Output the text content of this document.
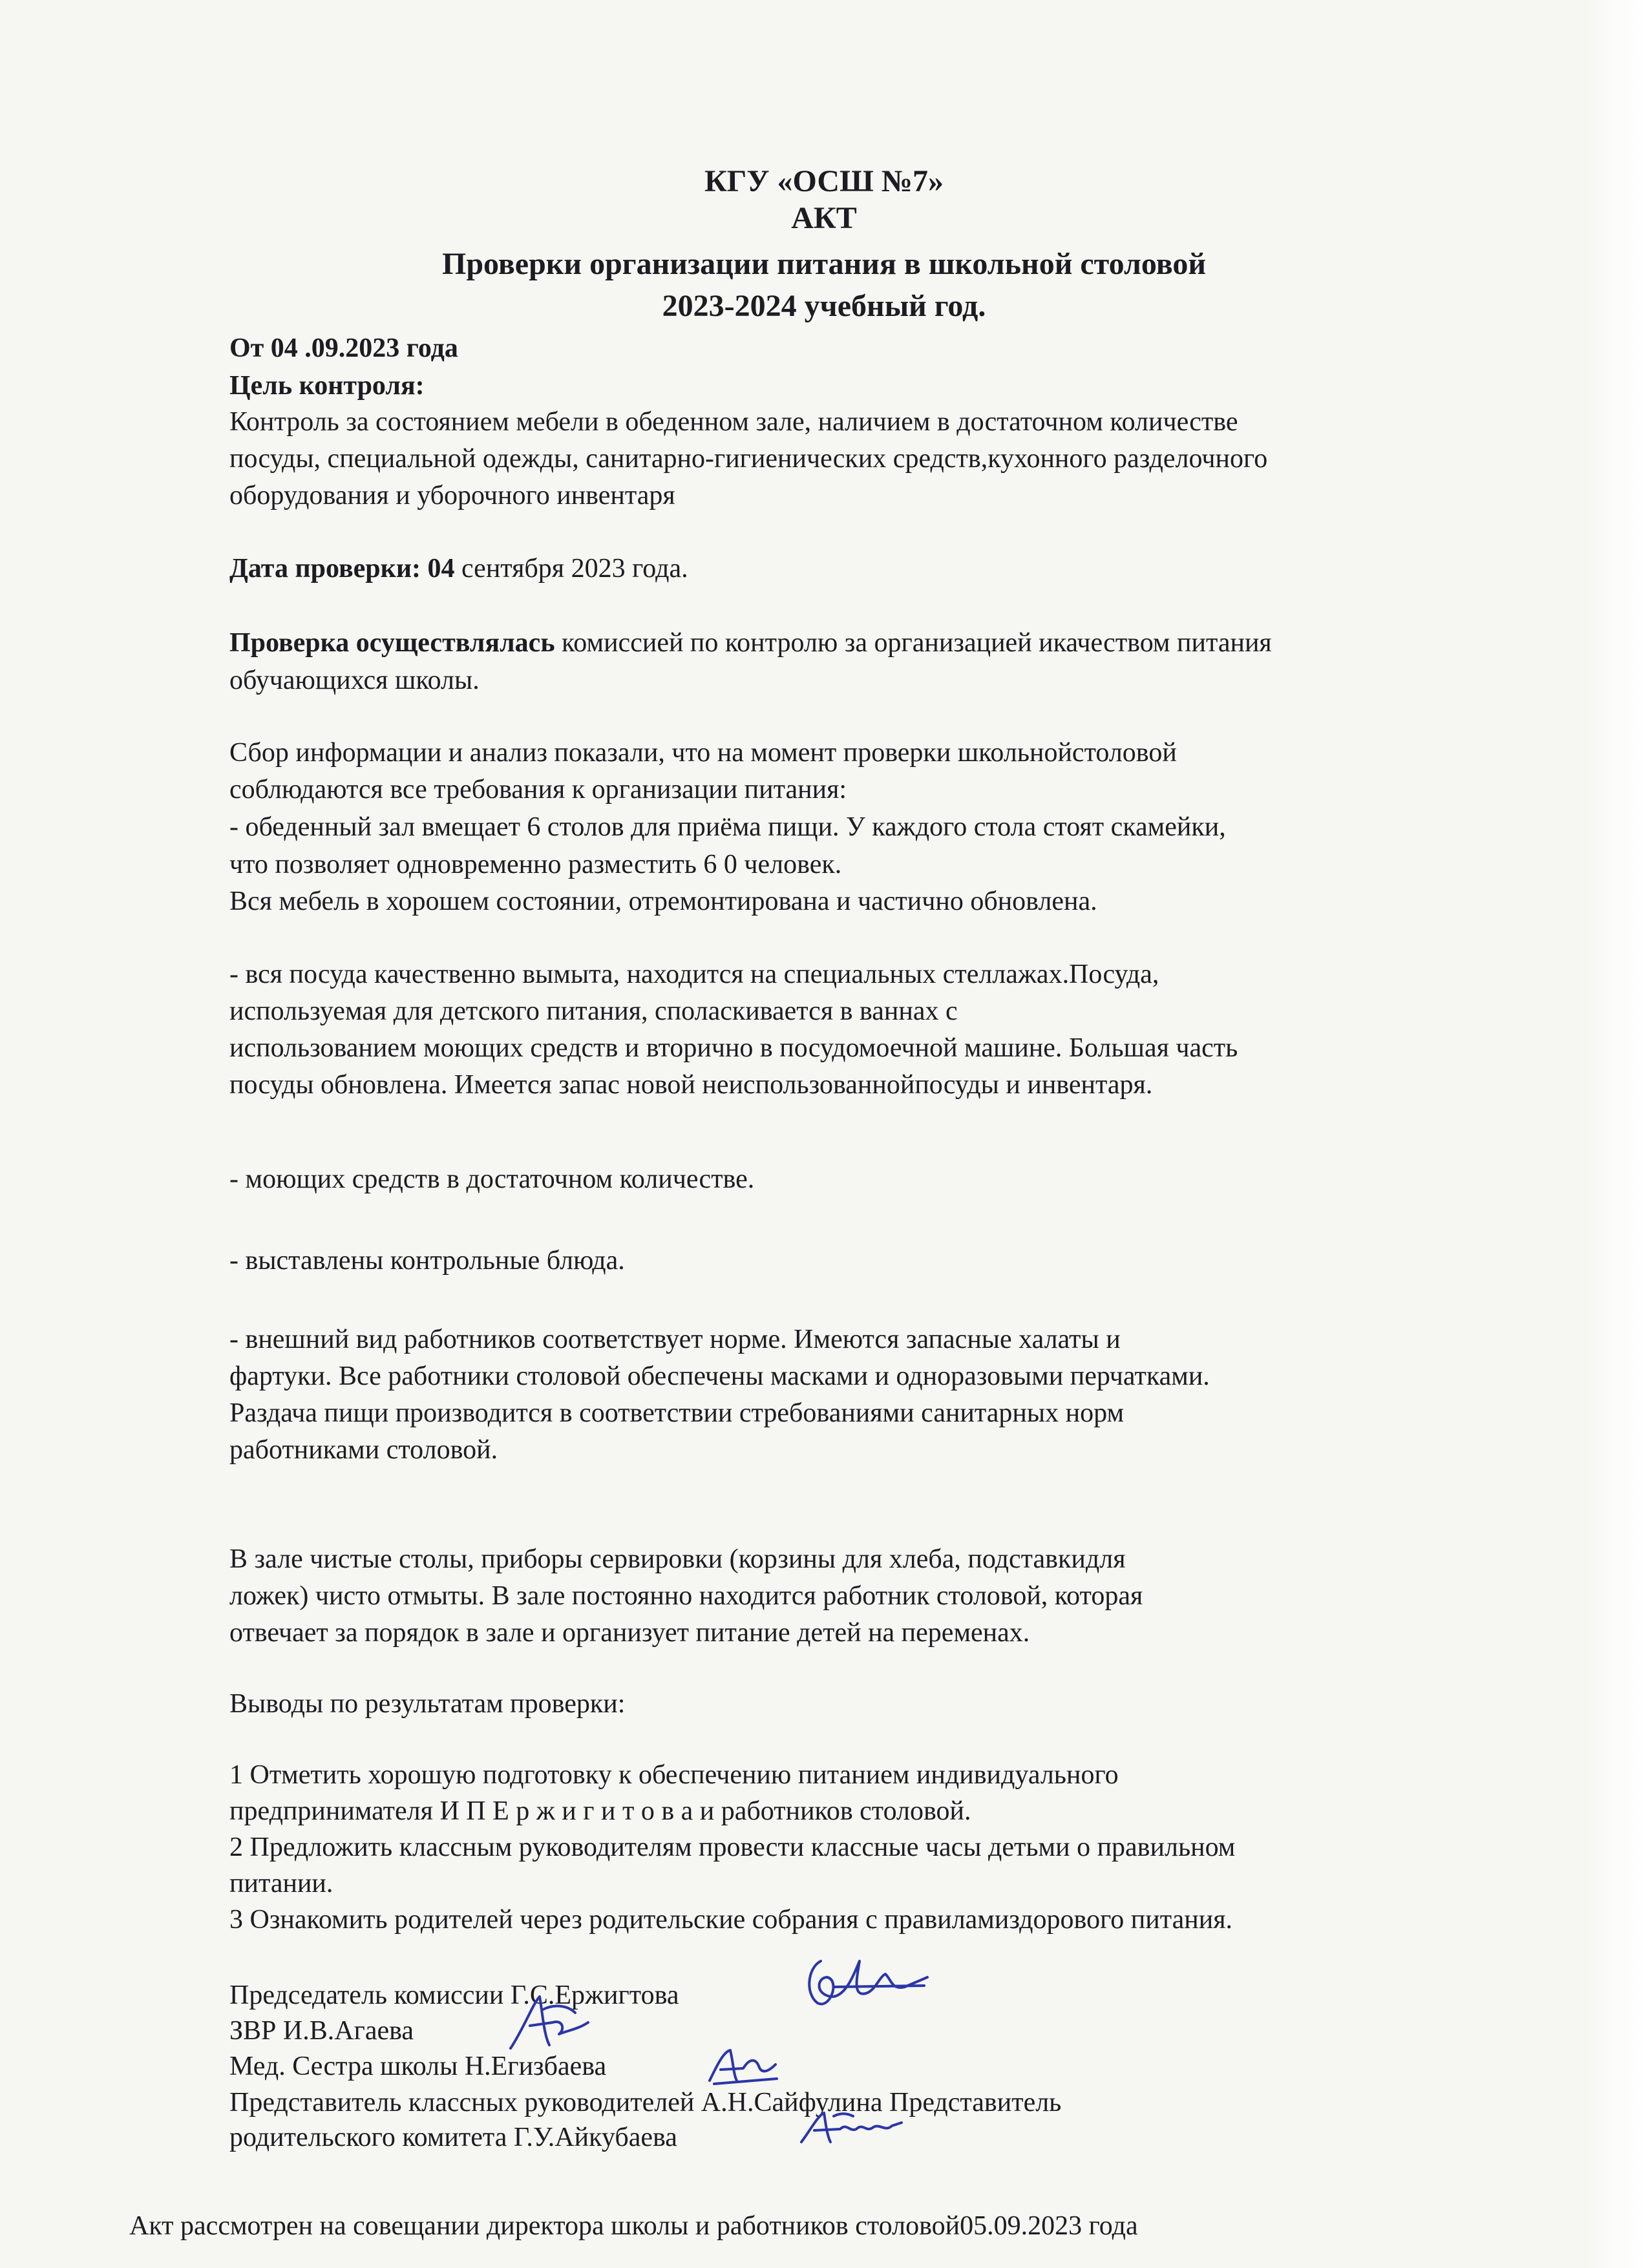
КГУ «ОСШ №7»
АКТ
Проверки организации питания в школьной столовой
2023-2024 учебный год.
От 04 .09.2023 года
Цель контроля:
Контроль за состоянием мебели в обеденном зале, наличием в достаточном количестве
посуды, специальной одежды, санитарно-гигиенических средств,кухонного разделочного
оборудования и уборочного инвентаря
Дата проверки: 04 сентября 2023 года.
Проверка осуществлялась комиссией по контролю за организацией икачеством питания
обучающихся школы.
Сбор информации и анализ показали, что на момент проверки школьнойстоловой
соблюдаются все требования к организации питания:
- обеденный зал вмещает 6 столов для приёма пищи. У каждого стола стоят скамейки,
что позволяет одновременно разместить 6 0 человек.
Вся мебель в хорошем состоянии, отремонтирована и частично обновлена.
- вся посуда качественно вымыта, находится на специальных стеллажах.Посуда,
используемая для детского питания, споласкивается в ваннах с
использованием моющих средств и вторично в посудомоечной машине. Большая часть
посуды обновлена. Имеется запас новой неиспользованнойпосуды и инвентаря.
- моющих средств в достаточном количестве.
- выставлены контрольные блюда.
- внешний вид работников соответствует норме. Имеются запасные халаты и
фартуки. Все работники столовой обеспечены масками и одноразовыми перчатками.
Раздача пищи производится в соответствии стребованиями санитарных норм
работниками столовой.
В зале чистые столы, приборы сервировки (корзины для хлеба, подставкидля
ложек) чисто отмыты. В зале постоянно находится работник столовой, которая
отвечает за порядок в зале и организует питание детей на переменах.
Выводы по результатам проверки:
1 Отметить хорошую подготовку к обеспечению питанием индивидуального
предпринимателя И П Е р ж и г и т о в а и работников столовой.
2 Предложить классным руководителям провести классные часы детьми о правильном
питании.
3 Ознакомить родителей через родительские собрания с правиламиздорового питания.
Председатель комиссии Г.С.Ержигтова
ЗВР И.В.Агаева
Мед. Сестра школы Н.Егизбаева
Представитель классных руководителей А.Н.Сайфулина Представитель
родительского комитета Г.У.Айкубаева
Акт рассмотрен на совещании директора школы и работников столовой05.09.2023 года
